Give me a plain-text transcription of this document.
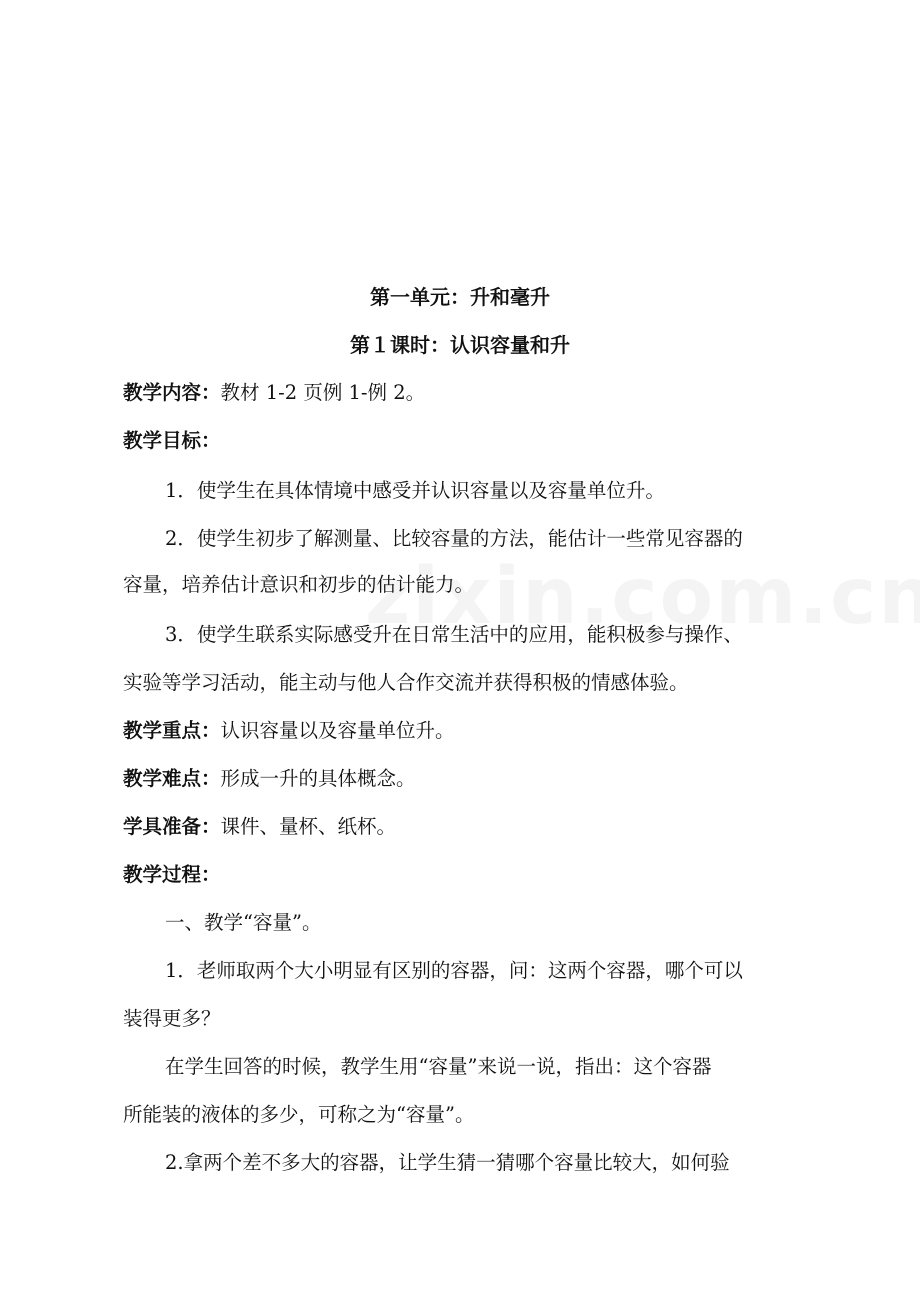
第一单元：升和毫升
第１课时：认识容量和升
教学内容：教材 1-2 页例 1-例 2。
教学目标：
1．使学生在具体情境中感受并认识容量以及容量单位升。
2．使学生初步了解测量、比较容量的方法，能估计一些常见容器的
容量，培养估计意识和初步的估计能力。
3．使学生联系实际感受升在日常生活中的应用，能积极参与操作、
实验等学习活动，能主动与他人合作交流并获得积极的情感体验。
教学重点：认识容量以及容量单位升。
教学难点：形成一升的具体概念。
学具准备：课件、量杯、纸杯。
教学过程：
一、教学“容量”。
1．老师取两个大小明显有区别的容器，问：这两个容器，哪个可以
装得更多？
在学生回答的时候，教学生用“容量”来说一说，指出：这个容器
所能装的液体的多少，可称之为“容量”。
2.拿两个差不多大的容器，让学生猜一猜哪个容量比较大，如何验
